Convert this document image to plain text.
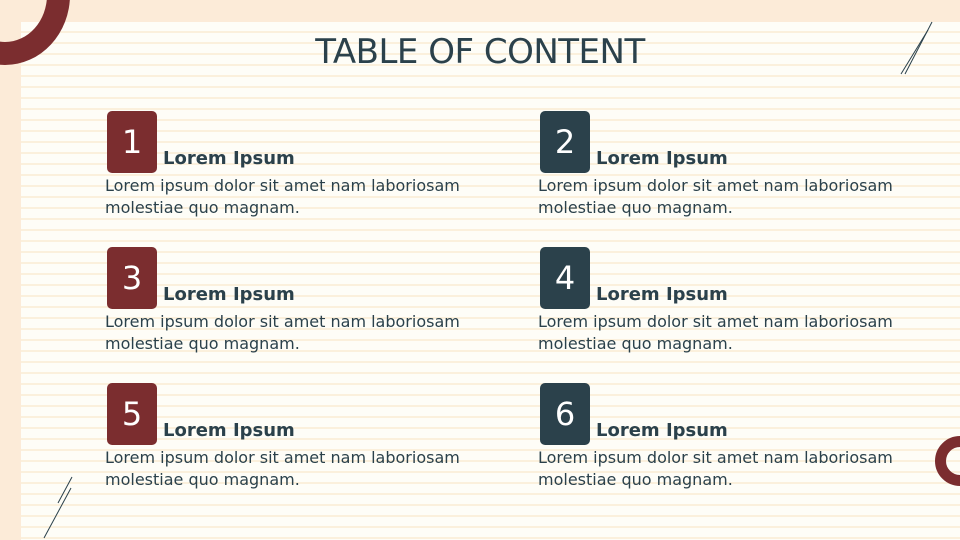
TABLE OF CONTENT
1	Lorem Ipsum
Lorem ipsum dolor sit amet nam laboriosam molestiae quo magnam.
2	Lorem Ipsum
Lorem ipsum dolor sit amet nam laboriosam molestiae quo magnam.
3	Lorem Ipsum
Lorem ipsum dolor sit amet nam laboriosam molestiae quo magnam.
4	Lorem Ipsum
Lorem ipsum dolor sit amet nam laboriosam molestiae quo magnam.
5	Lorem Ipsum
Lorem ipsum dolor sit amet nam laboriosam molestiae quo magnam.
6	Lorem Ipsum
Lorem ipsum dolor sit amet nam laboriosam molestiae quo magnam.
